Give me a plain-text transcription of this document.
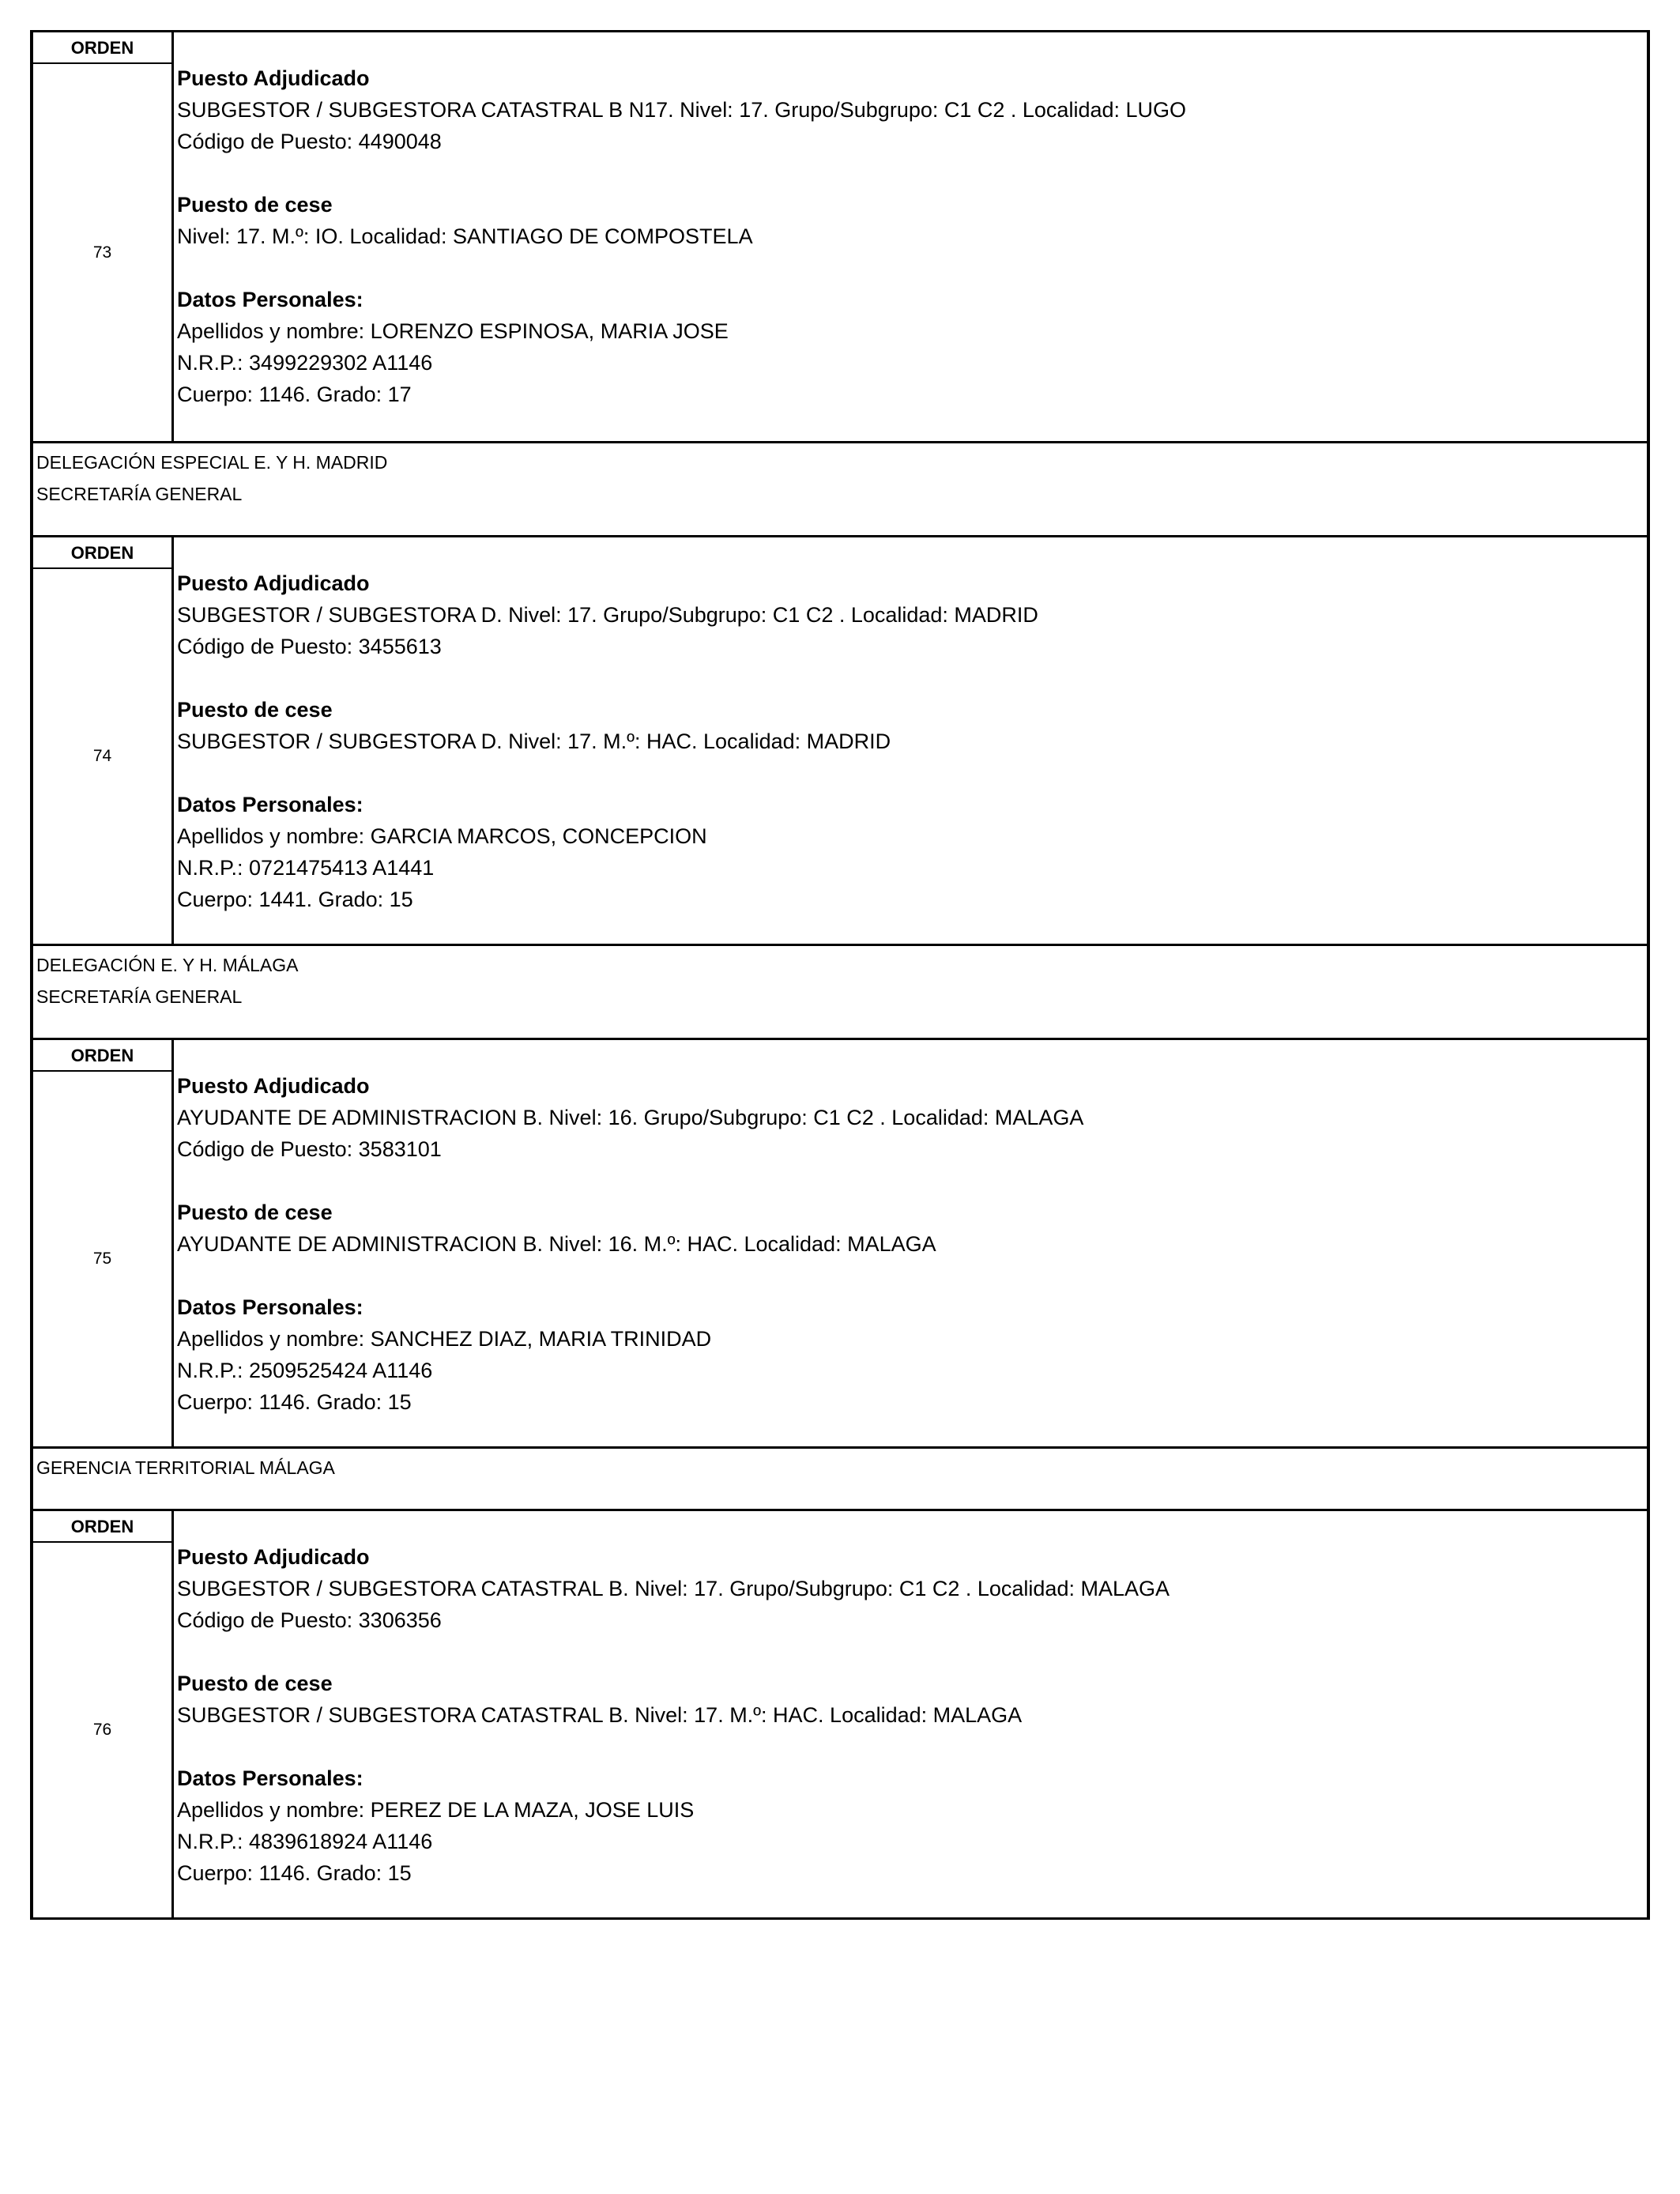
ORDEN
73
Puesto Adjudicado
SUBGESTOR / SUBGESTORA CATASTRAL B N17. Nivel: 17. Grupo/Subgrupo: C1 C2 . Localidad: LUGO
Código de Puesto: 4490048
Puesto de cese
Nivel: 17. M.º: IO. Localidad: SANTIAGO DE COMPOSTELA
Datos Personales:
Apellidos y nombre: LORENZO ESPINOSA, MARIA JOSE
N.R.P.: 3499229302 A1146
Cuerpo: 1146. Grado: 17
DELEGACIÓN ESPECIAL E. Y H. MADRID
SECRETARÍA GENERAL
ORDEN
74
Puesto Adjudicado
SUBGESTOR / SUBGESTORA D. Nivel: 17. Grupo/Subgrupo: C1 C2 . Localidad: MADRID
Código de Puesto: 3455613
Puesto de cese
SUBGESTOR / SUBGESTORA D. Nivel: 17. M.º: HAC. Localidad: MADRID
Datos Personales:
Apellidos y nombre: GARCIA MARCOS, CONCEPCION
N.R.P.: 0721475413 A1441
Cuerpo: 1441. Grado: 15
DELEGACIÓN E. Y H. MÁLAGA
SECRETARÍA GENERAL
ORDEN
75
Puesto Adjudicado
AYUDANTE DE ADMINISTRACION B. Nivel: 16. Grupo/Subgrupo: C1 C2 . Localidad: MALAGA
Código de Puesto: 3583101
Puesto de cese
AYUDANTE DE ADMINISTRACION B. Nivel: 16. M.º: HAC. Localidad: MALAGA
Datos Personales:
Apellidos y nombre: SANCHEZ DIAZ, MARIA TRINIDAD
N.R.P.: 2509525424 A1146
Cuerpo: 1146. Grado: 15
GERENCIA TERRITORIAL MÁLAGA
ORDEN
76
Puesto Adjudicado
SUBGESTOR / SUBGESTORA CATASTRAL B. Nivel: 17. Grupo/Subgrupo: C1 C2 . Localidad: MALAGA
Código de Puesto: 3306356
Puesto de cese
SUBGESTOR / SUBGESTORA CATASTRAL B. Nivel: 17. M.º: HAC. Localidad: MALAGA
Datos Personales:
Apellidos y nombre: PEREZ DE LA MAZA, JOSE LUIS
N.R.P.: 4839618924 A1146
Cuerpo: 1146. Grado: 15
